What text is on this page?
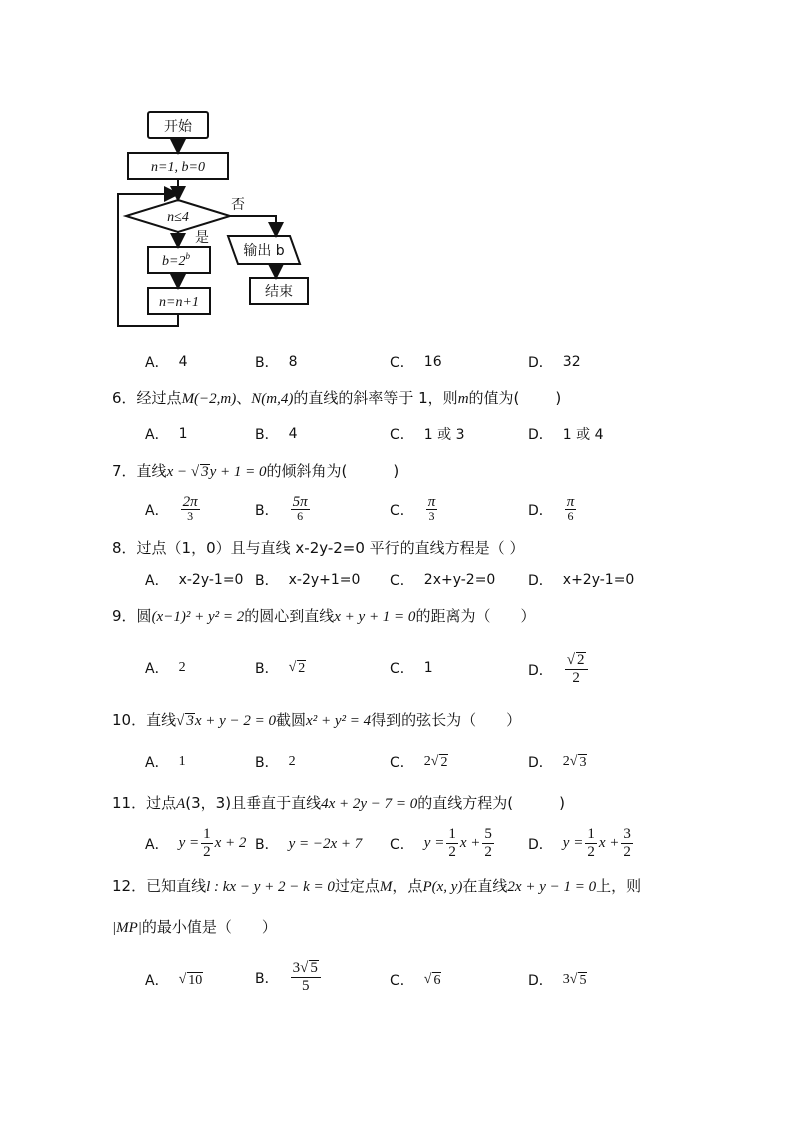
开始
n=1, b=0
n≤4
否
是
$b=2^b$
n=n+1
输出 b
结束
A． 4	B． 8	C． 16	D． 32
6．经过点M(−2,m)、N(m,4)的直线的斜率等于 1，则m的值为( )
A． 1	B． 4	C． 1 或 3	D． 1 或 4
7．直线x − √ 3y + 1 = 0的倾斜角为(	)
A． $\frac{2\pi}{3}$	B． $\frac{5\pi}{6}$	C． $\frac{\pi}{3}$	D． $\frac{\pi}{6}$
8．过点（1，0）且与直线 x-2y-2=0 平行的直线方程是（ ）
A． x-2y-1=0 B． x-2y+1=0 C． 2x+y-2=0 D． x+2y-1=0
9．圆(x−1)² + y² = 2的圆心到直线x + y + 1 = 0的距离为（ ）
A． 2	B． √ 2	C． 1	D． $\frac{√ 2}{2}$
10．直线√ 3x + y − 2 = 0截圆x² + y² = 4得到的弦长为（ ）
A． 1	B． 2	C． 2 √ 2	D． 2 √ 3
11．过点A(3，3)且垂直于直线4x + 2y − 7 = 0的直线方程为(	)
A． $y = \frac{1}{2}$ x + 2 B． y = −2x + 7 C． $y = \frac{1}{2}$ $x + \frac{5}{2}$ D． $y = \frac{1}{2}$ $x + \frac{3}{2}$
12．已知直线l : kx − y + 2 − k = 0过定点M，点P(x, y)在直线2x + y − 1 = 0上，则
|MP|的最小值是（ ）
A． √ 10	B． $\frac{3√ 5}{5}$	C． √ 6	D． 3 √ 5
